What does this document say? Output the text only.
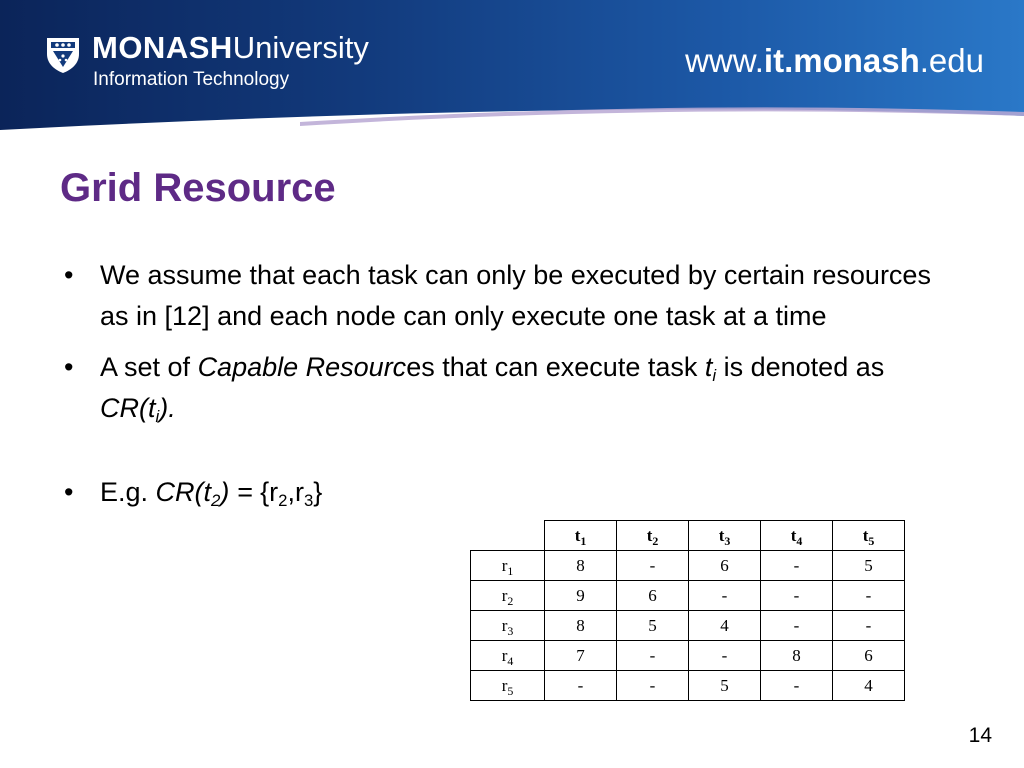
MONASH University
Information Technology
www.it.monash.edu
Grid Resource
• We assume that each task can only be executed by certain resources as in [12] and each node can only execute one task at a time
• A set of Capable Resources that can execute task $t_i$ is denoted as $CR(t_i)$.
• E.g. $CR(t_2) = \{r_2,r_3\}$
	$t_1$	$t_2$	$t_3$	$t_4$	$t_5$
$r_1$	8	-	6	-	5
$r_2$	9	6	-	-	-
$r_3$	8	5	4	-	-
$r_4$	7	-	-	8	6
$r_5$	-	-	5	-	4
14
